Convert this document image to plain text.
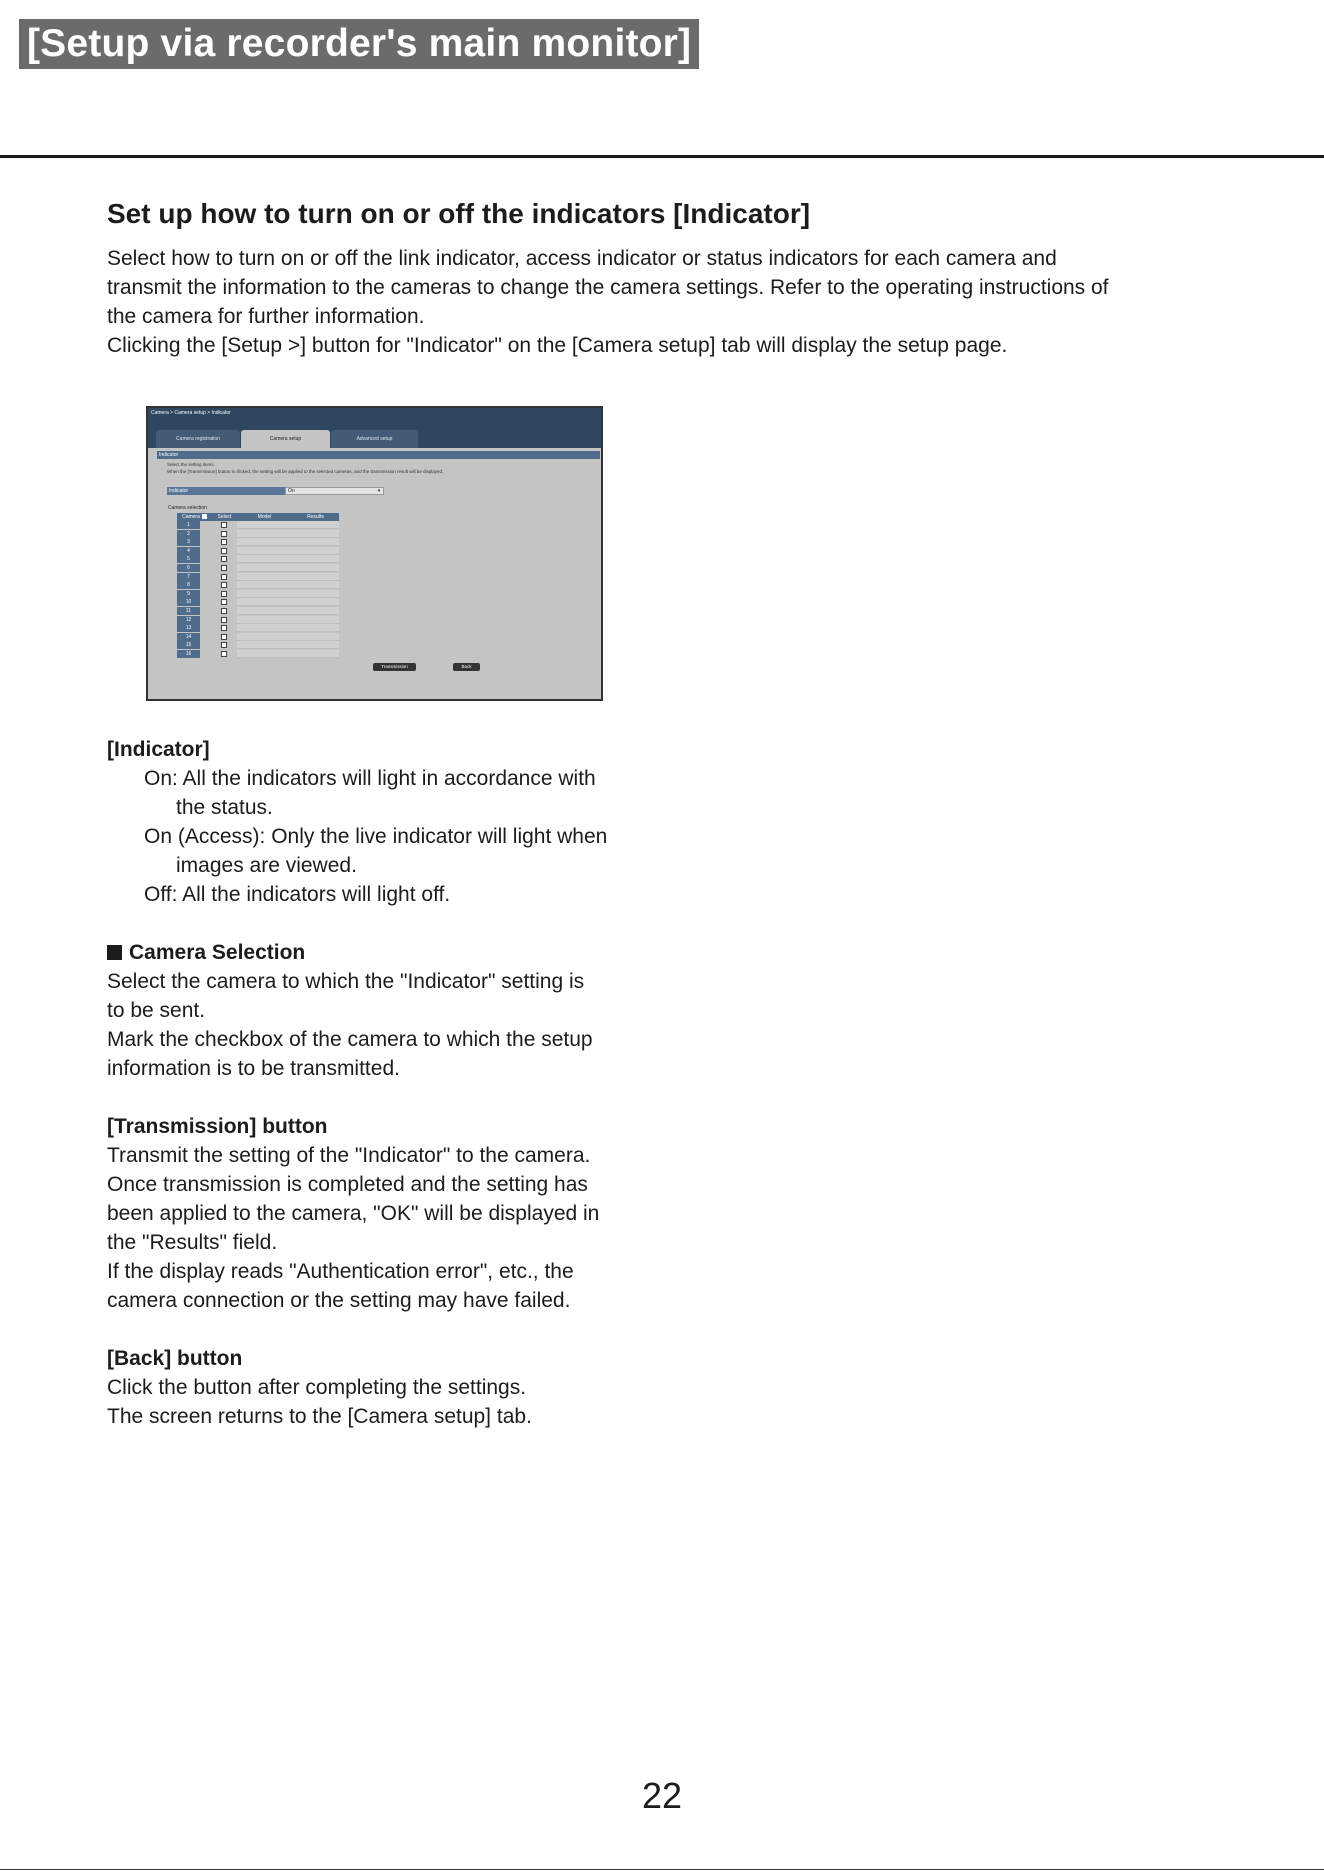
[Setup via recorder's main monitor]
Set up how to turn on or off the indicators [Indicator]

Select how to turn on or off the link indicator, access indicator or status indicators for each camera and

transmit the information to the cameras to change the camera settings. Refer to the operating instructions of

the camera for further information.

Clicking the [Setup >] button for "Indicator" on the [Camera setup] tab will display the setup page.

Camera > Camera setup > Indicator
Camera registration	Camera setup	Advanced setup
Indicator
Select the setting items.
When the [Transmission] button is clicked, the setting will be applied to the selected cameras, and the transmission result will be displayed.
Indicator	On	▾
Camera selection
Camera	Select	Model	Results
1
2
3
4
5
6
7
8
9
10
11
12
13
14
15
16
Transmission	Back

[Indicator]

On: All the indicators will light in accordance with

the status.

On (Access): Only the live indicator will light when

images are viewed.

Off: All the indicators will light off.

Camera Selection

Select the camera to which the "Indicator" setting is

to be sent.

Mark the checkbox of the camera to which the setup

information is to be transmitted.

[Transmission] button

Transmit the setting of the "Indicator" to the camera.

Once transmission is completed and the setting has

been applied to the camera, "OK" will be displayed in

the "Results" field.

If the display reads "Authentication error", etc., the

camera connection or the setting may have failed.

[Back] button

Click the button after completing the settings.

The screen returns to the [Camera setup] tab.

22
